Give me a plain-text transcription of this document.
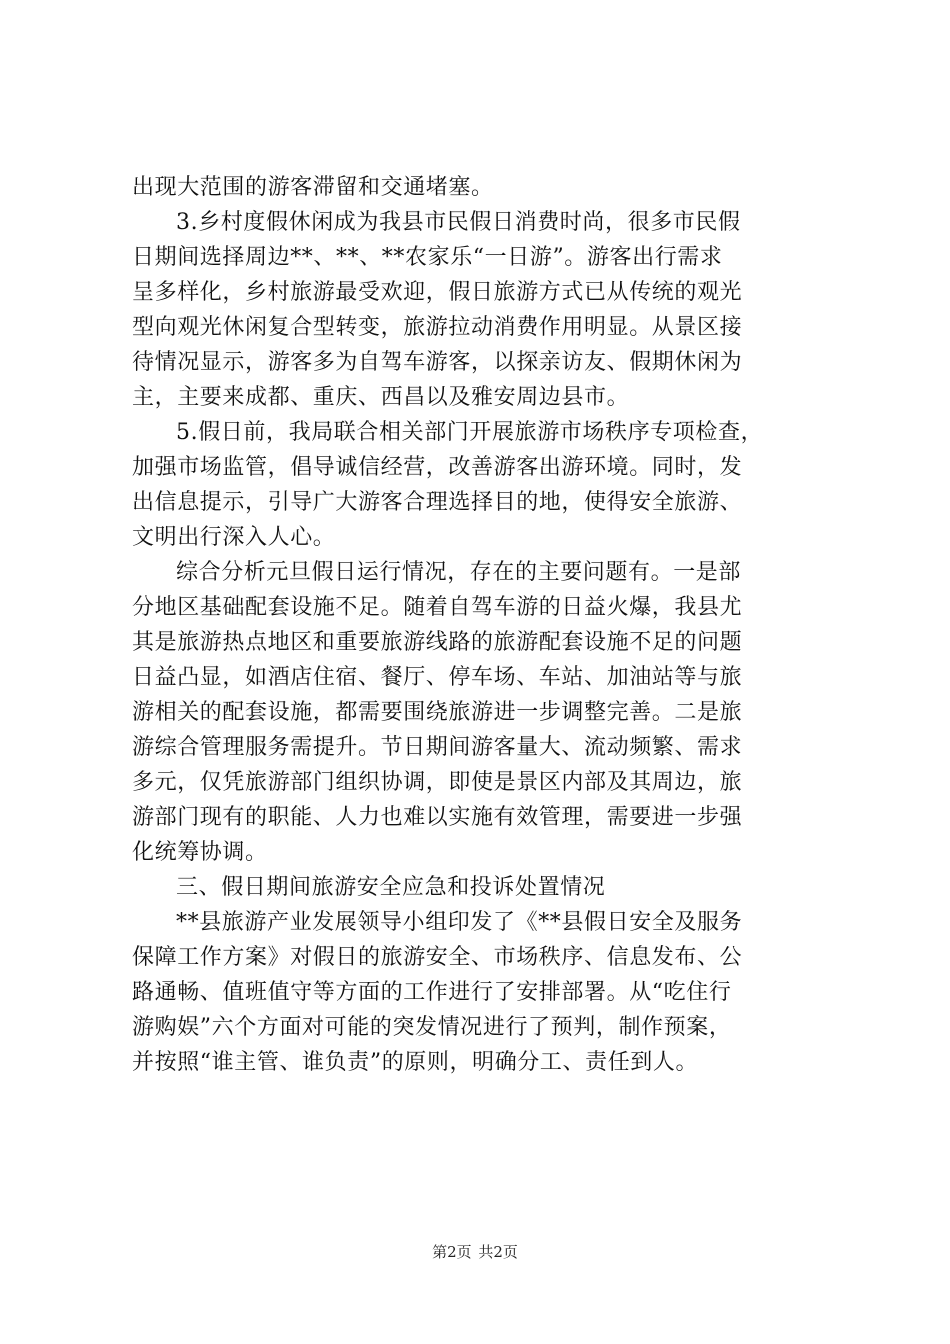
出现大范围的游客滞留和交通堵塞。
3.乡村度假休闲成为我县市民假日消费时尚，很多市民假
日期间选择周边**、**、**农家乐“一日游”。游客出行需求
呈多样化，乡村旅游最受欢迎，假日旅游方式已从传统的观光
型向观光休闲复合型转变，旅游拉动消费作用明显。从景区接
待情况显示，游客多为自驾车游客，以探亲访友、假期休闲为
主，主要来成都、重庆、西昌以及雅安周边县市。
5.假日前，我局联合相关部门开展旅游市场秩序专项检查，
加强市场监管，倡导诚信经营，改善游客出游环境。同时，发
出信息提示，引导广大游客合理选择目的地，使得安全旅游、
文明出行深入人心。
综合分析元旦假日运行情况，存在的主要问题有。一是部
分地区基础配套设施不足。随着自驾车游的日益火爆，我县尤
其是旅游热点地区和重要旅游线路的旅游配套设施不足的问题
日益凸显，如酒店住宿、餐厅、停车场、车站、加油站等与旅
游相关的配套设施，都需要围绕旅游进一步调整完善。二是旅
游综合管理服务需提升。节日期间游客量大、流动频繁、需求
多元，仅凭旅游部门组织协调，即使是景区内部及其周边，旅
游部门现有的职能、人力也难以实施有效管理，需要进一步强
化统筹协调。
三、假日期间旅游安全应急和投诉处置情况
**县旅游产业发展领导小组印发了《**县假日安全及服务
保障工作方案》对假日的旅游安全、市场秩序、信息发布、公
路通畅、值班值守等方面的工作进行了安排部署。从“吃住行
游购娱”六个方面对可能的突发情况进行了预判，制作预案，
并按照“谁主管、谁负责”的原则，明确分工、责任到人。
第2页 共2页
